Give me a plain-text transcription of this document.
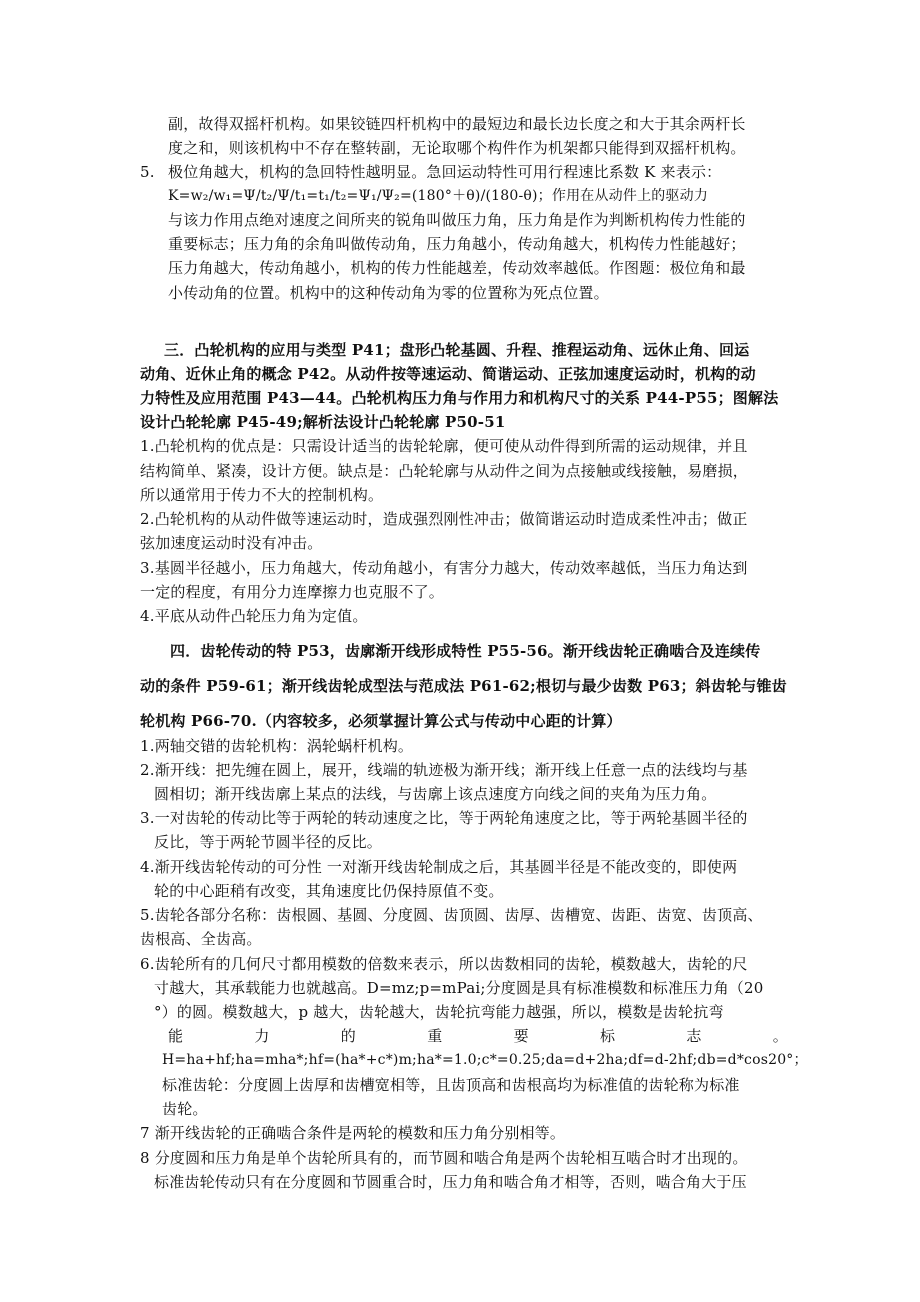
副，故得双摇杆机构。如果铰链四杆机构中的最短边和最长边长度之和大于其余两杆长
度之和，则该机构中不存在整转副，无论取哪个构件作为机架都只能得到双摇杆机构。
5. 极位角越大，机构的急回特性越明显。急回运动特性可用行程速比系数 K 来表示：
K=w₂/w₁=Ψ/t₂/Ψ/t₁=t₁/t₂=Ψ₁/Ψ₂=(180°＋θ)/(180-θ)；作用在从动件上的驱动力
与该力作用点绝对速度之间所夹的锐角叫做压力角，压力角是作为判断机构传力性能的
重要标志；压力角的余角叫做传动角，压力角越小，传动角越大，机构传力性能越好；
压力角越大，传动角越小，机构的传力性能越差，传动效率越低。作图题：极位角和最
小传动角的位置。机构中的这种传动角为零的位置称为死点位置。
三．凸轮机构的应用与类型 P41；盘形凸轮基圆、升程、推程运动角、远休止角、回运
动角、近休止角的概念 P42。从动件按等速运动、简谐运动、正弦加速度运动时，机构的动
力特性及应用范围 P43—44。凸轮机构压力角与作用力和机构尺寸的关系 P44-P55；图解法
设计凸轮轮廓 P45-49;解析法设计凸轮轮廓 P50-51
1.凸轮机构的优点是：只需设计适当的齿轮轮廓，便可使从动件得到所需的运动规律，并且
结构简单、紧凑，设计方便。缺点是：凸轮轮廓与从动件之间为点接触或线接触，易磨损，
所以通常用于传力不大的控制机构。
2.凸轮机构的从动件做等速运动时，造成强烈刚性冲击；做简谐运动时造成柔性冲击；做正
弦加速度运动时没有冲击。
3.基圆半径越小，压力角越大，传动角越小，有害分力越大，传动效率越低，当压力角达到
一定的程度，有用分力连摩擦力也克服不了。
4.平底从动件凸轮压力角为定值。
四．齿轮传动的特 P53，齿廓渐开线形成特性 P55-56。渐开线齿轮正确啮合及连续传
动的条件 P59-61；渐开线齿轮成型法与范成法 P61-62;根切与最少齿数 P63；斜齿轮与锥齿
轮机构 P66-70.（内容较多，必须掌握计算公式与传动中心距的计算）
1.两轴交错的齿轮机构：涡轮蜗杆机构。
2.渐开线：把先缠在圆上，展开，线端的轨迹极为渐开线；渐开线上任意一点的法线均与基
圆相切；渐开线齿廓上某点的法线，与齿廓上该点速度方向线之间的夹角为压力角。
3.一对齿轮的传动比等于两轮的转动速度之比，等于两轮角速度之比，等于两轮基圆半径的
反比，等于两轮节圆半径的反比。
4.渐开线齿轮传动的可分性 一对渐开线齿轮制成之后，其基圆半径是不能改变的，即使两
轮的中心距稍有改变，其角速度比仍保持原值不变。
5.齿轮各部分名称：齿根圆、基圆、分度圆、齿顶圆、齿厚、齿槽宽、齿距、齿宽、齿顶高、
齿根高、全齿高。
6.齿轮所有的几何尺寸都用模数的倍数来表示，所以齿数相同的齿轮，模数越大，齿轮的尺
寸越大，其承载能力也就越高。D=mz;p=mPai;分度圆是具有标准模数和标准压力角（20
°）的圆。模数越大，p 越大，齿轮越大，齿轮抗弯能力越强，所以，模数是齿轮抗弯
能 力 的 重 要 标 志 。
H=ha+hf;ha=mha*;hf=(ha*+c*)m;ha*=1.0;c*=0.25;da=d+2ha;df=d-2hf;db=d*cos20°；
标准齿轮：分度圆上齿厚和齿槽宽相等，且齿顶高和齿根高均为标准值的齿轮称为标准
齿轮。
7 渐开线齿轮的正确啮合条件是两轮的模数和压力角分别相等。
8 分度圆和压力角是单个齿轮所具有的，而节圆和啮合角是两个齿轮相互啮合时才出现的。
标准齿轮传动只有在分度圆和节圆重合时，压力角和啮合角才相等，否则，啮合角大于压
